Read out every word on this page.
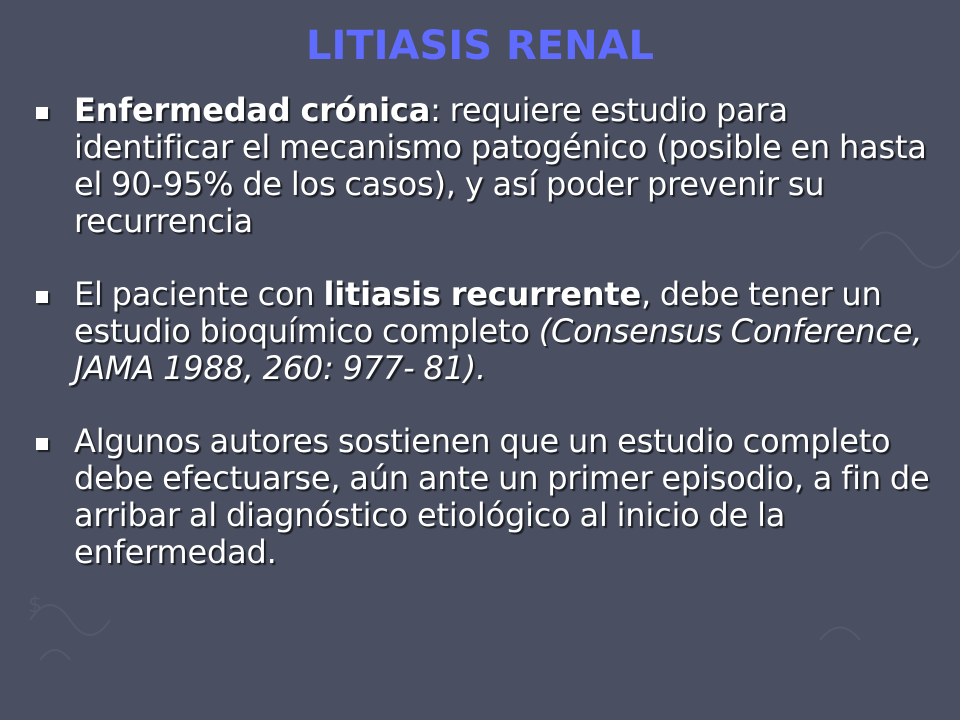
$
LITIASIS RENAL
Enfermedad crónica: requiere estudio para identificar el mecanismo patogénico (posible en hasta el 90-95% de los casos), y así poder prevenir su recurrencia
El paciente con litiasis recurrente, debe tener un estudio bioquímico completo (Consensus Conference, JAMA 1988, 260: 977- 81).
Algunos autores sostienen que un estudio completo debe efectuarse, aún ante un primer episodio, a fin de arribar al diagnóstico etiológico al inicio de la enfermedad.
